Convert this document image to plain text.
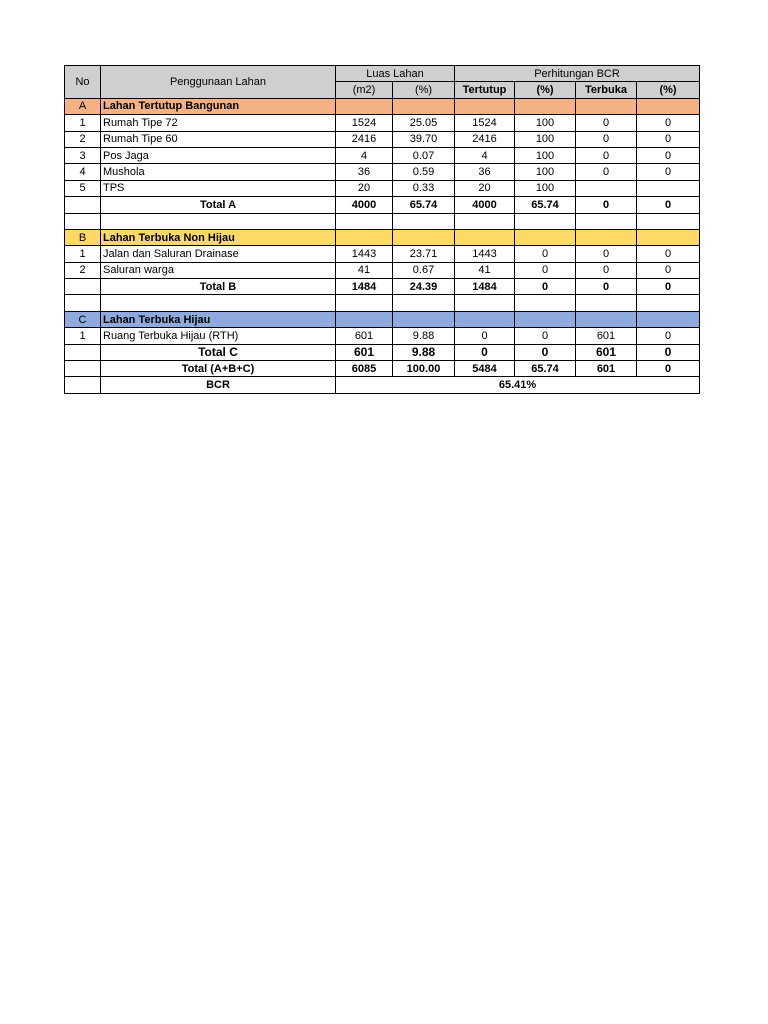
No	Penggunaan Lahan	Luas Lahan		Perhitungan BCR			
		(m2)	(%)	Tertutup	(%)	Terbuka	(%)
A	Lahan Tertutup Bangunan						
1	Rumah Tipe 72	1524	25.05	1524	100	0	0
2	Rumah Tipe 60	2416	39.70	2416	100	0	0
3	Pos Jaga	4	0.07	4	100	0	0
4	Mushola	36	0.59	36	100	0	0
5	TPS	20	0.33	20	100		
	Total A	4000	65.74	4000	65.74	0	0

B	Lahan Terbuka Non Hijau						
1	Jalan dan Saluran Drainase	1443	23.71	1443	0	0	0
2	Saluran warga	41	0.67	41	0	0	0
	Total B	1484	24.39	1484	0	0	0

C	Lahan Terbuka Hijau						
1	Ruang Terbuka Hijau (RTH)	601	9.88	0	0	601	0
	Total C	601	9.88	0	0	601	0
	Total (A+B+C)	6085	100.00	5484	65.74	601	0
	BCR	65.41%					
